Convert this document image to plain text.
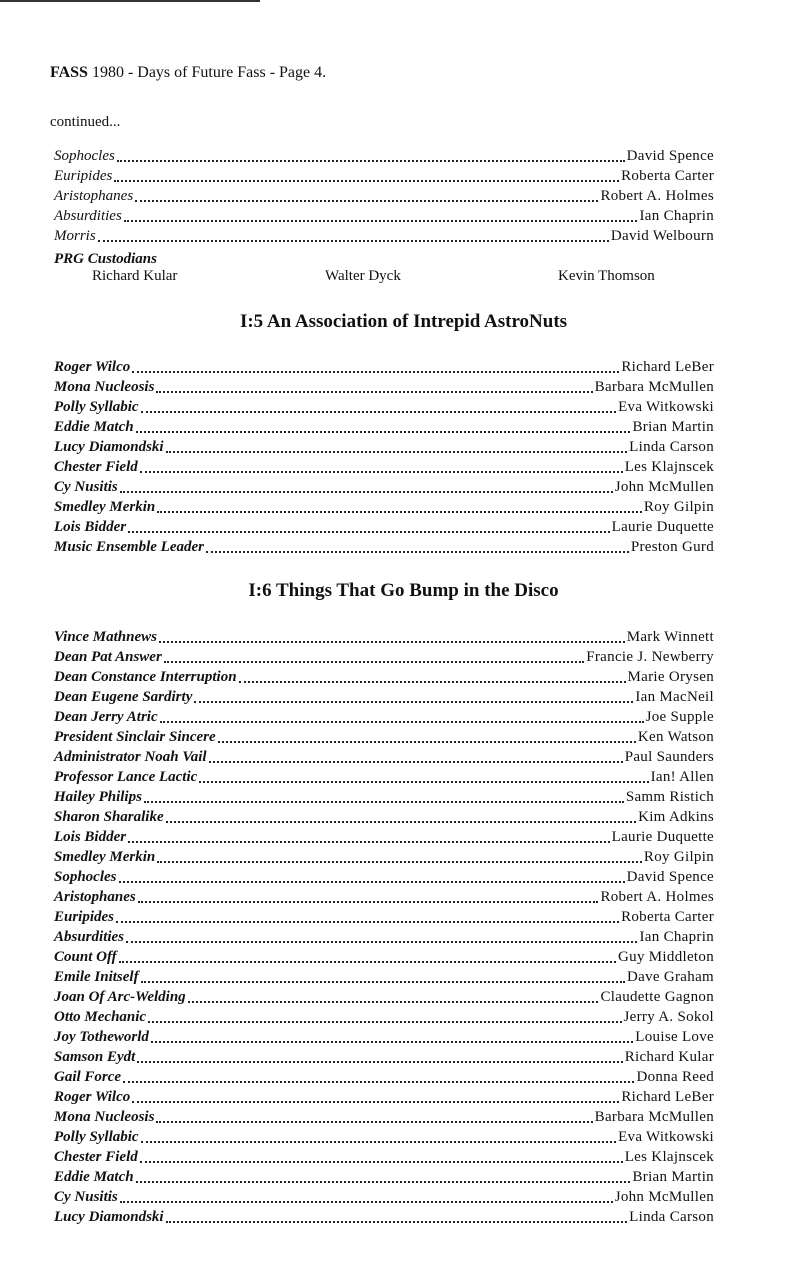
FASS 1980 - Days of Future Fass - Page 4.
continued...
Sophocles	David Spence
Euripides	Roberta Carter
Aristophanes	Robert A. Holmes
Absurdities	Ian Chaprin
Morris	David Welbourn
PRG Custodians
Richard Kular	Walter Dyck	Kevin Thomson
I:5 An Association of Intrepid AstroNuts
Roger Wilco	Richard LeBer
Mona Nucleosis	Barbara McMullen
Polly Syllabic	Eva Witkowski
Eddie Match	Brian Martin
Lucy Diamondski	Linda Carson
Chester Field	Les Klajnscek
Cy Nusitis	John McMullen
Smedley Merkin	Roy Gilpin
Lois Bidder	Laurie Duquette
Music Ensemble Leader	Preston Gurd
I:6 Things That Go Bump in the Disco
Vince Mathnews	Mark Winnett
Dean Pat Answer	Francie J. Newberry
Dean Constance Interruption	Marie Orysen
Dean Eugene Sardirty	Ian MacNeil
Dean Jerry Atric	Joe Supple
President Sinclair Sincere	Ken Watson
Administrator Noah Vail	Paul Saunders
Professor Lance Lactic	Ian! Allen
Hailey Philips	Samm Ristich
Sharon Sharalike	Kim Adkins
Lois Bidder	Laurie Duquette
Smedley Merkin	Roy Gilpin
Sophocles	David Spence
Aristophanes	Robert A. Holmes
Euripides	Roberta Carter
Absurdities	Ian Chaprin
Count Off	Guy Middleton
Emile Initself	Dave Graham
Joan Of Arc-Welding	Claudette Gagnon
Otto Mechanic	Jerry A. Sokol
Joy Totheworld	Louise Love
Samson Eydt	Richard Kular
Gail Force	Donna Reed
Roger Wilco	Richard LeBer
Mona Nucleosis	Barbara McMullen
Polly Syllabic	Eva Witkowski
Chester Field	Les Klajnscek
Eddie Match	Brian Martin
Cy Nusitis	John McMullen
Lucy Diamondski	Linda Carson
